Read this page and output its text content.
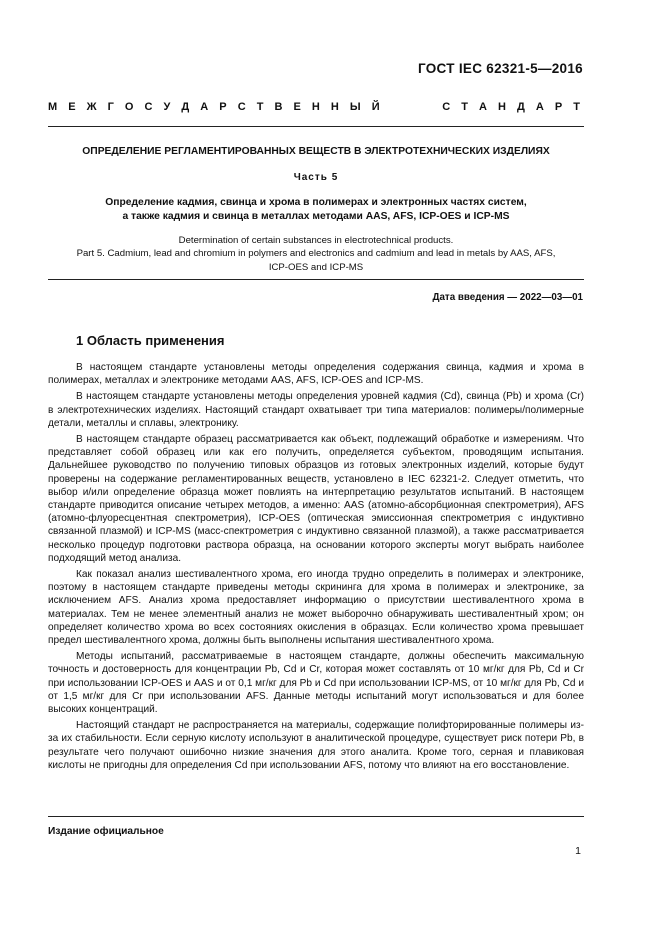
ГОСТ IEC 62321-5—2016
М Е Ж Г О С У Д А Р С Т В Е Н Н Ы Й	С Т А Н Д А Р Т
ОПРЕДЕЛЕНИЕ РЕГЛАМЕНТИРОВАННЫХ ВЕЩЕСТВ В ЭЛЕКТРОТЕХНИЧЕСКИХ ИЗДЕЛИЯХ
Часть 5
Определение кадмия, свинца и хрома в полимерах и электронных частях систем,
а также кадмия и свинца в металлах методами AAS, AFS, ICP-OES и ICP-MS
Determination of certain substances in electrotechnical products.
Part 5. Cadmium, lead and chromium in polymers and electronics and cadmium and lead in metals by AAS, AFS,
ICP-OES and ICP-MS
Дата введения — 2022—03—01
1 Область применения

В настоящем стандарте установлены методы определения содержания свинца, кадмия и хрома в полимерах, металлах и электронике методами AAS, AFS, ICP-OES and ICP-MS.

В настоящем стандарте установлены методы определения уровней кадмия (Cd), свинца (Pb) и хрома (Cr) в электротехнических изделиях. Настоящий стандарт охватывает три типа материалов: полимеры/полимерные детали, металлы и сплавы, электронику.

В настоящем стандарте образец рассматривается как объект, подлежащий обработке и измерениям. Что представляет собой образец или как его получить, определяется субъектом, проводящим испытания. Дальнейшее руководство по получению типовых образцов из готовых электронных изделий, которые будут проверены на содержание регламентированных веществ, установлено в IEC 62321-2. Следует отметить, что выбор и/или определение образца может повлиять на интерпретацию результатов испытаний. В настоящем стандарте приводится описание четырех методов, а именно: AAS (атомно-абсорбционная спектрометрия), AFS (атомно-флуоресцентная спектрометрия), ICP-OES (оптическая эмиссионная спектрометрия с индуктивно связанной плазмой) и ICP-MS (масс-спектрометрия с индуктивно связанной плазмой), а также рассматривается несколько процедур подготовки раствора образца, на основании которого эксперты могут выбрать наиболее подходящий метод анализа.

Как показал анализ шестивалентного хрома, его иногда трудно определить в полимерах и электронике, поэтому в настоящем стандарте приведены методы скрининга для хрома в полимерах и электронике, за исключением AFS. Анализ хрома предоставляет информацию о присутствии шестивалентного хрома в материалах. Тем не менее элементный анализ не может выборочно обнаруживать шестивалентный хром; он определяет количество хрома во всех состояниях окисления в образцах. Если количество хрома превышает предел шестивалентного хрома, должны быть выполнены испытания шестивалентного хрома.

Методы испытаний, рассматриваемые в настоящем стандарте, должны обеспечить максимальную точность и достоверность для концентрации Pb, Cd и Cr, которая может составлять от 10 мг/кг для Pb, Cd и Cr при использовании ICP-OES и AAS и от 0,1 мг/кг для Pb и Cd при использовании ICP-MS, от 10 мг/кг для Pb, Cd и от 1,5 мг/кг для Cr при использовании AFS. Данные методы испытаний могут использоваться и для более высоких концентраций.

Настоящий стандарт не распространяется на материалы, содержащие полифторированные полимеры из-за их стабильности. Если серную кислоту используют в аналитической процедуре, существует риск потери Pb, в результате чего получают ошибочно низкие значения для этого аналита. Кроме того, серная и плавиковая кислоты не пригодны для определения Cd при использовании AFS, потому что влияют на его восстановление.

Издание официальное
1
